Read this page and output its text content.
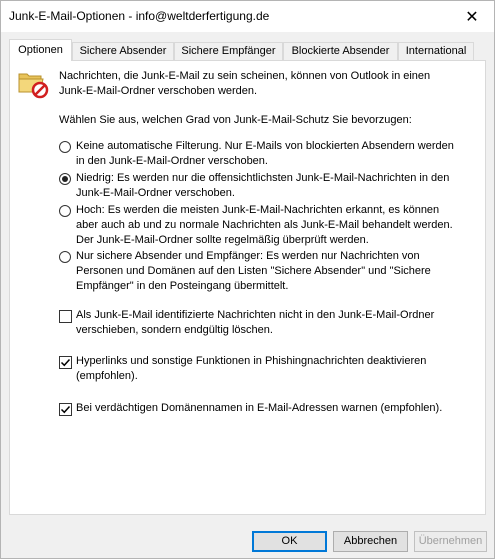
Junk-E-Mail-Optionen - info@weltderfertigung.de	✕
Optionen	Sichere Absender	Sichere Empfänger	Blockierte Absender	International
Nachrichten, die Junk-E-Mail zu sein scheinen, können von Outlook in einen
Junk-E-Mail-Ordner verschoben werden.
Wählen Sie aus, welchen Grad von Junk-E-Mail-Schutz Sie bevorzugen:
Keine automatische Filterung. Nur E-Mails von blockierten Absendern werden
in den Junk-E-Mail-Ordner verschoben.
Niedrig: Es werden nur die offensichtlichsten Junk-E-Mail-Nachrichten in den
Junk-E-Mail-Ordner verschoben.
Hoch: Es werden die meisten Junk-E-Mail-Nachrichten erkannt, es können
aber auch ab und zu normale Nachrichten als Junk-E-Mail behandelt werden.
Der Junk-E-Mail-Ordner sollte regelmäßig überprüft werden.
Nur sichere Absender und Empfänger: Es werden nur Nachrichten von
Personen und Domänen auf den Listen "Sichere Absender" und "Sichere
Empfänger" in den Posteingang übermittelt.
Als Junk-E-Mail identifizierte Nachrichten nicht in den Junk-E-Mail-Ordner
verschieben, sondern endgültig löschen.
Hyperlinks und sonstige Funktionen in Phishingnachrichten deaktivieren
(empfohlen).
Bei verdächtigen Domänennamen in E-Mail-Adressen warnen (empfohlen).
OK	Abbrechen	Übernehmen
